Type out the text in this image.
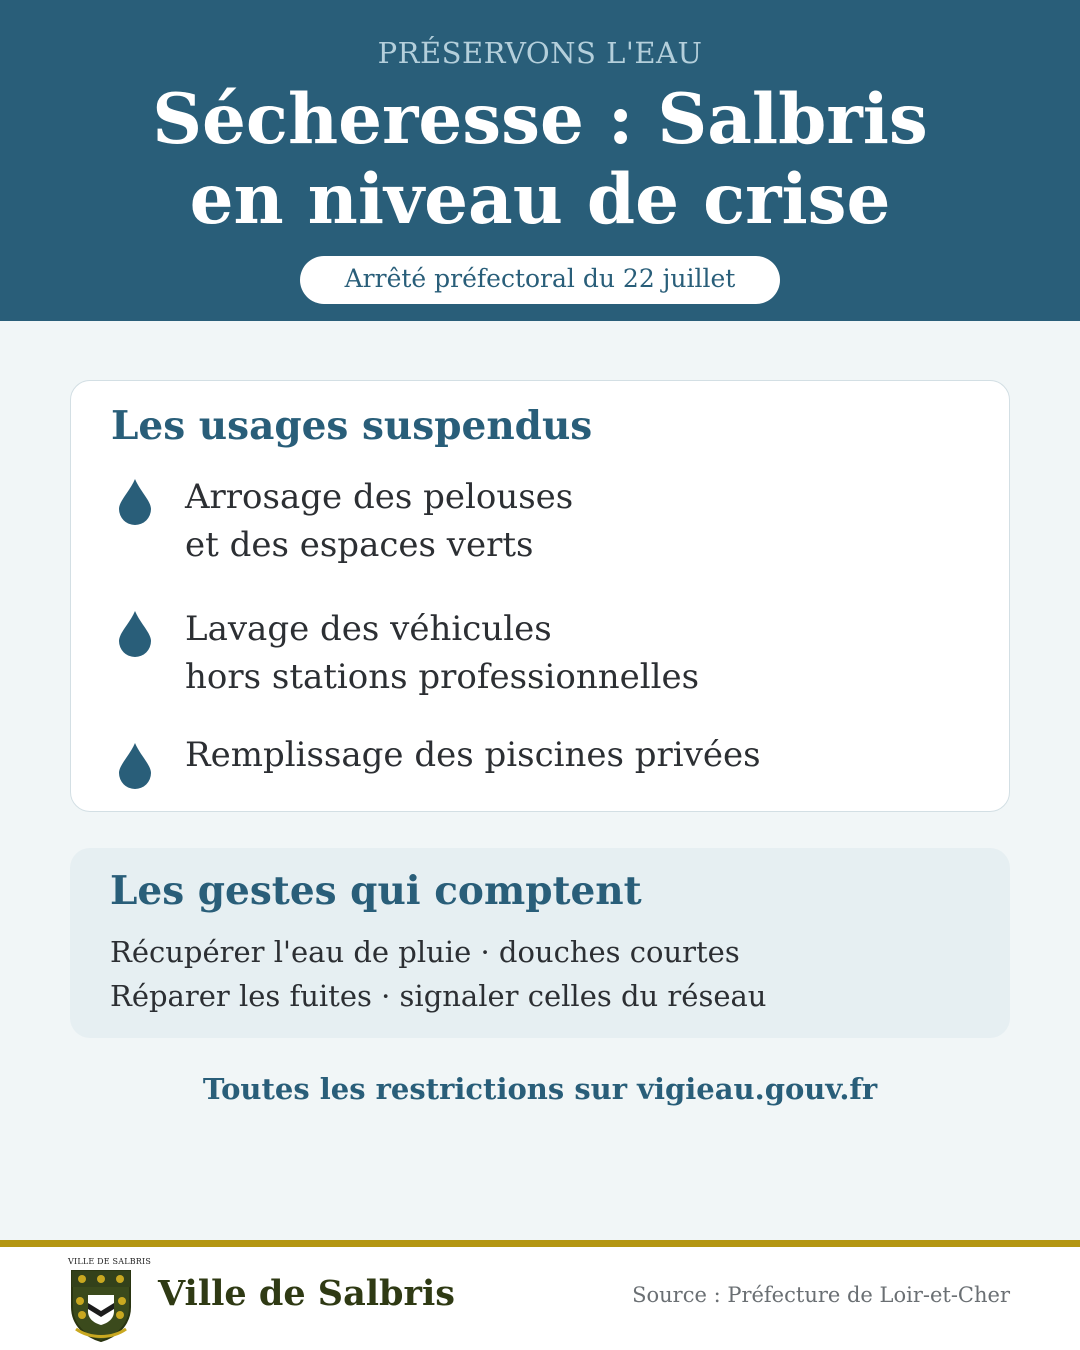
PRÉSERVONS L'EAU
Sécheresse : Salbris
en niveau de crise
Arrêté préfectoral du 22 juillet
Les usages suspendus
Arrosage des pelouses
et des espaces verts
Lavage des véhicules
hors stations professionnelles
Remplissage des piscines privées
Les gestes qui comptent
Récupérer l'eau de pluie · douches courtes
Réparer les fuites · signaler celles du réseau
Toutes les restrictions sur vigieau.gouv.fr
VILLE DE SALBRIS
Ville de Salbris	Source : Préfecture de Loir-et-Cher
